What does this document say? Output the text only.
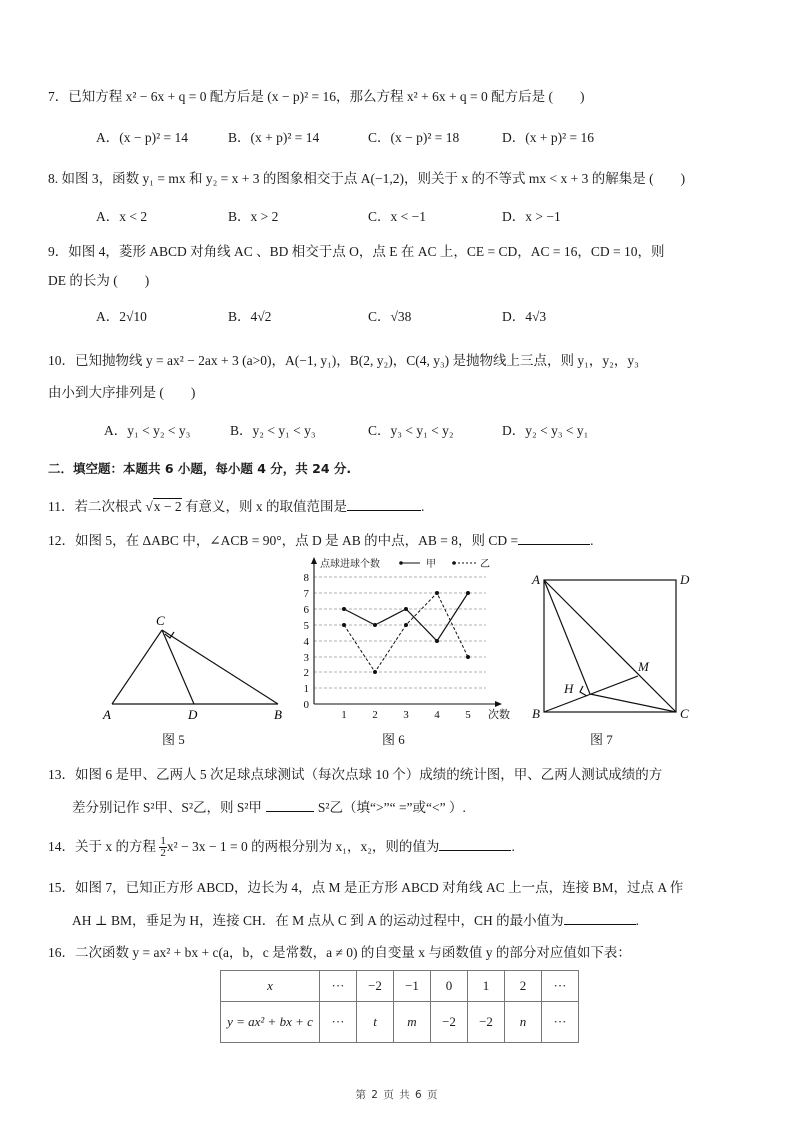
7．已知方程 x² − 6x + q = 0 配方后是 (x − p)² = 16，那么方程 x² + 6x + q = 0 配方后是 (　　)
A．(x − p)² = 14	B．(x + p)² = 14	C．(x − p)² = 18	D．(x + p)² = 16
8. 如图 3，函数 y₁ = mx 和 y₂ = x + 3 的图象相交于点 A(−1,2)，则关于 x 的不等式 mx < x + 3 的解集是 (　　)
A．x < 2	B．x > 2	C．x < −1	D．x > −1
9．如图 4，菱形 ABCD 对角线 AC 、BD 相交于点 O，点 E 在 AC 上，CE = CD，AC = 16，CD = 10，则
DE 的长为 (　　)
A．2√10	B．4√2	C．√38	D．4√3
10．已知抛物线 y = ax² − 2ax + 3 (a>0)，A(−1, y₁)，B(2, y₂)，C(4, y₃) 是抛物线上三点，则 y₁，y₂，y₃
由小到大序排列是 (　　)
A．y₁ < y₂ < y₃	B．y₂ < y₁ < y₃	C．y₃ < y₁ < y₂	D．y₂ < y₃ < y₁
二．填空题：本题共 6 小题，每小题 4 分，共 24 分.
11．若二次根式 √x − 2 有意义，则 x 的取值范围是	.
12．如图 5，在 ΔABC 中，∠ACB = 90°，点 D 是 AB 的中点，AB = 8，则 CD =	.
C
A	D	B
图 5
0
1
2
3
4
5
6
7
8
1 2 3 4 5 次数
点球进球个数	甲	乙
图 6
A	D
B	C
M
H
图 7
13．如图 6 是甲、乙两人 5 次足球点球测试（每次点球 10 个）成绩的统计图，甲、乙两人测试成绩的方
差分别记作 S²甲、S²乙，则 S²甲	S²乙（填“>”“ =”或“<” ）.
14．关于 x 的方程 $\frac{1}{2} x^2 - 3x - 1 = 0$ 的两根分别为 x₁，x₂，则的值为	.
15．如图 7，已知正方形 ABCD，边长为 4，点 M 是正方形 ABCD 对角线 AC 上一点，连接 BM，过点 A 作
AH ⊥ BM，垂足为 H，连接 CH．在 M 点从 C 到 A 的运动过程中，CH 的最小值为	.
16．二次函数 y = ax² + bx + c(a，b，c 是常数，a ≠ 0) 的自变量 x 与函数值 y 的部分对应值如下表：
x	···	−2	−1	0	1	2	···
y = ax² + bx + c	···	t	m	−2	−2	n	···
第 2 页 共 6 页
